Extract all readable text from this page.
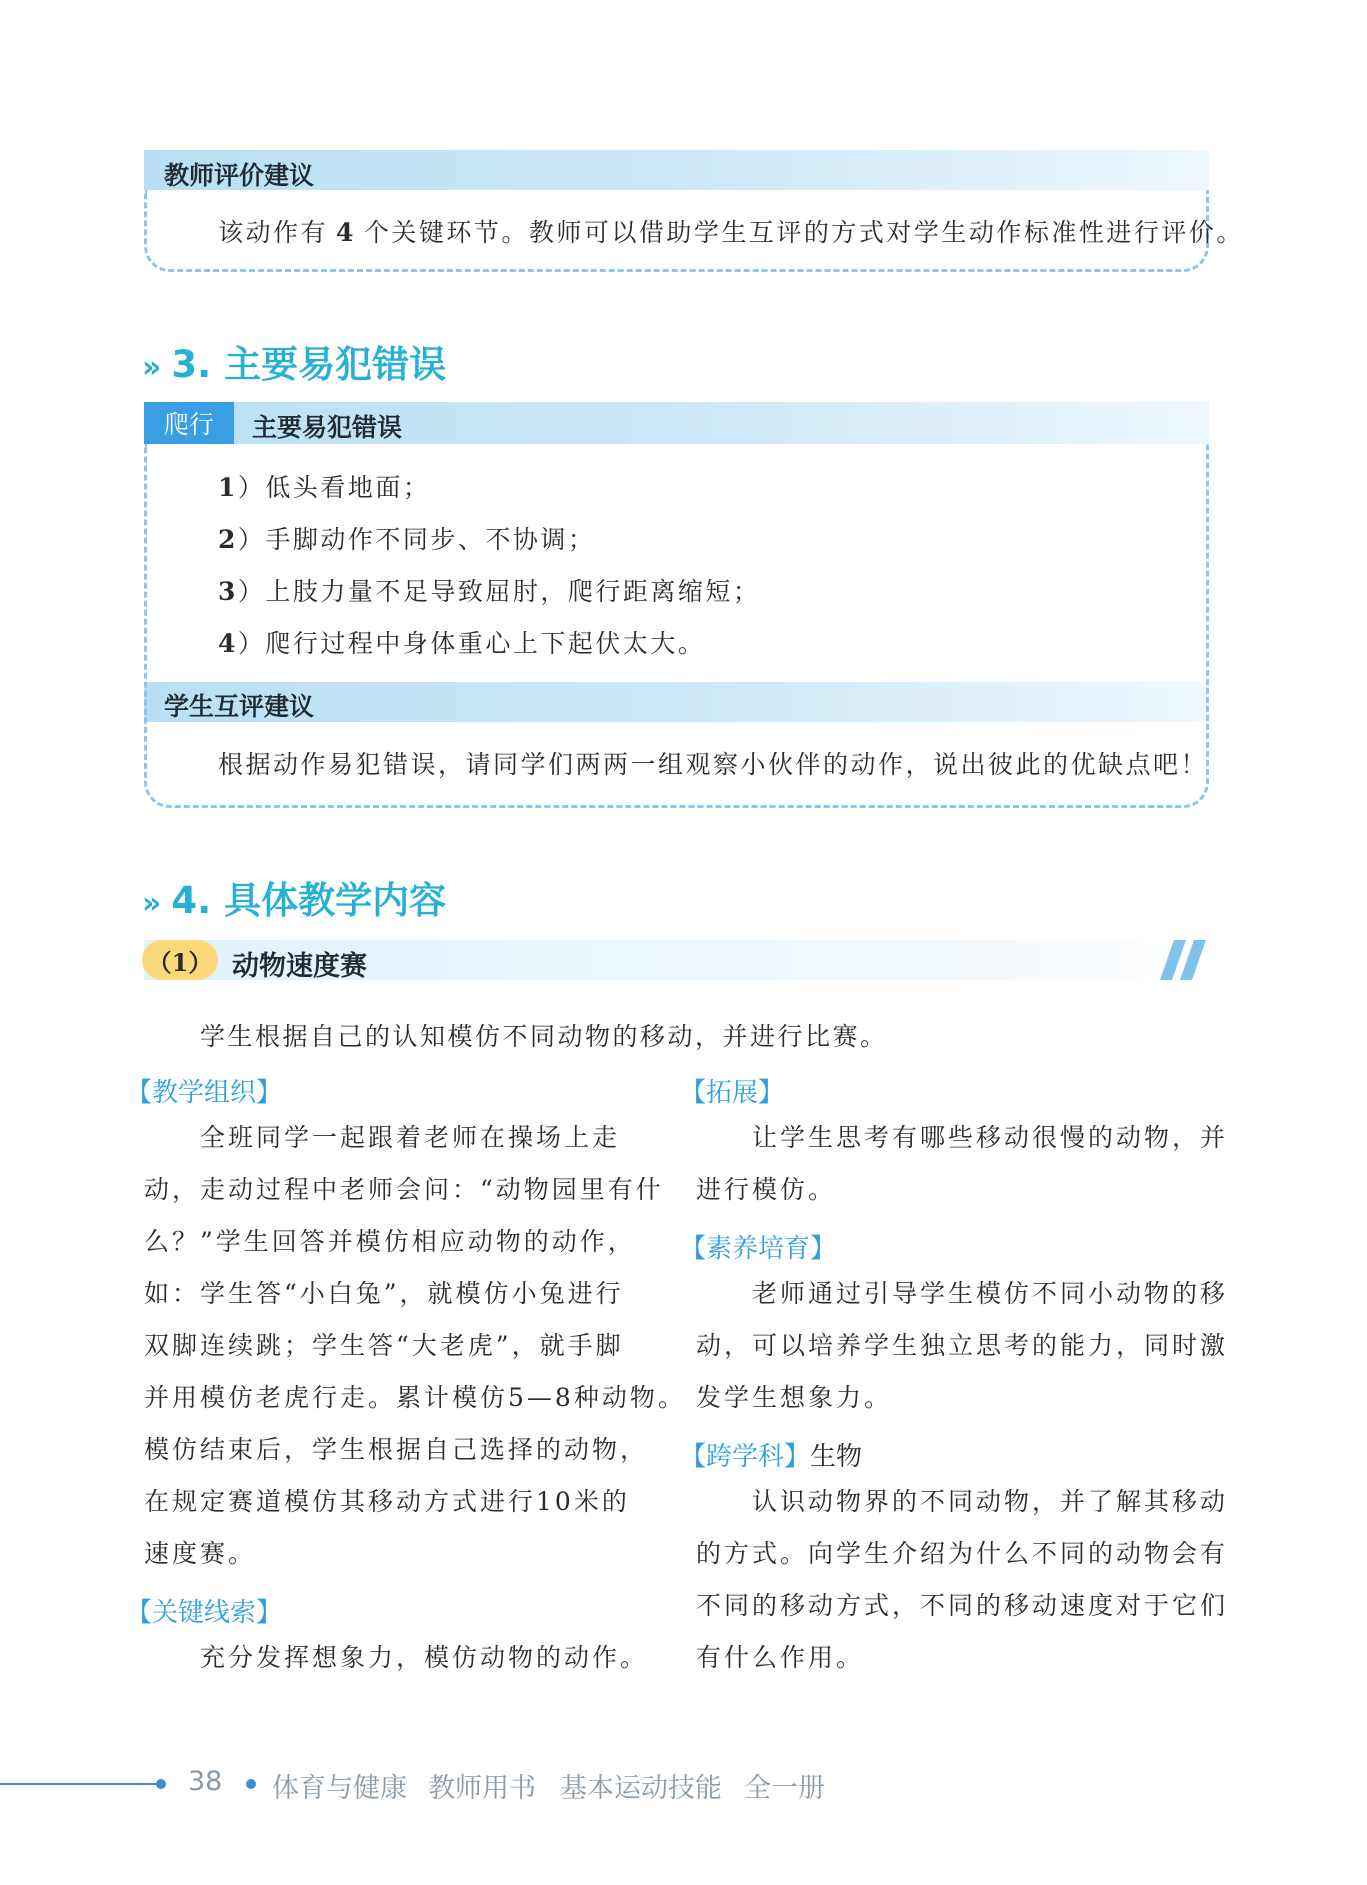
教师评价建议
该动作有 4 个关键环节。教师可以借助学生互评的方式对学生动作标准性进行评价。
» 3. 主要易犯错误
爬行	主要易犯错误
1）低头看地面；
2）手脚动作不同步、不协调；
3）上肢力量不足导致屈肘，爬行距离缩短；
4）爬行过程中身体重心上下起伏太大。
学生互评建议
根据动作易犯错误，请同学们两两一组观察小伙伴的动作，说出彼此的优缺点吧！
» 4. 具体教学内容
（1） 动物速度赛
学生根据自己的认知模仿不同动物的移动，并进行比赛。
【教学组织】
　　全班同学一起跟着老师在操场上走
动，走动过程中老师会问：“动物园里有什
么？”学生回答并模仿相应动物的动作，
如：学生答“小白兔”，就模仿小兔进行
双脚连续跳；学生答“大老虎”，就手脚
并用模仿老虎行走。累计模仿5—8种动物。
模仿结束后，学生根据自己选择的动物，
在规定赛道模仿其移动方式进行10米的
速度赛。
【关键线索】
　　充分发挥想象力，模仿动物的动作。
【拓展】
　　让学生思考有哪些移动很慢的动物，并
进行模仿。
【素养培育】
　　老师通过引导学生模仿不同小动物的移
动，可以培养学生独立思考的能力，同时激
发学生想象力。
【跨学科】生物
　　认识动物界的不同动物，并了解其移动
的方式。向学生介绍为什么不同的动物会有
不同的移动方式，不同的移动速度对于它们
有什么作用。
38 体育与健康 教师用书 基本运动技能 全一册
